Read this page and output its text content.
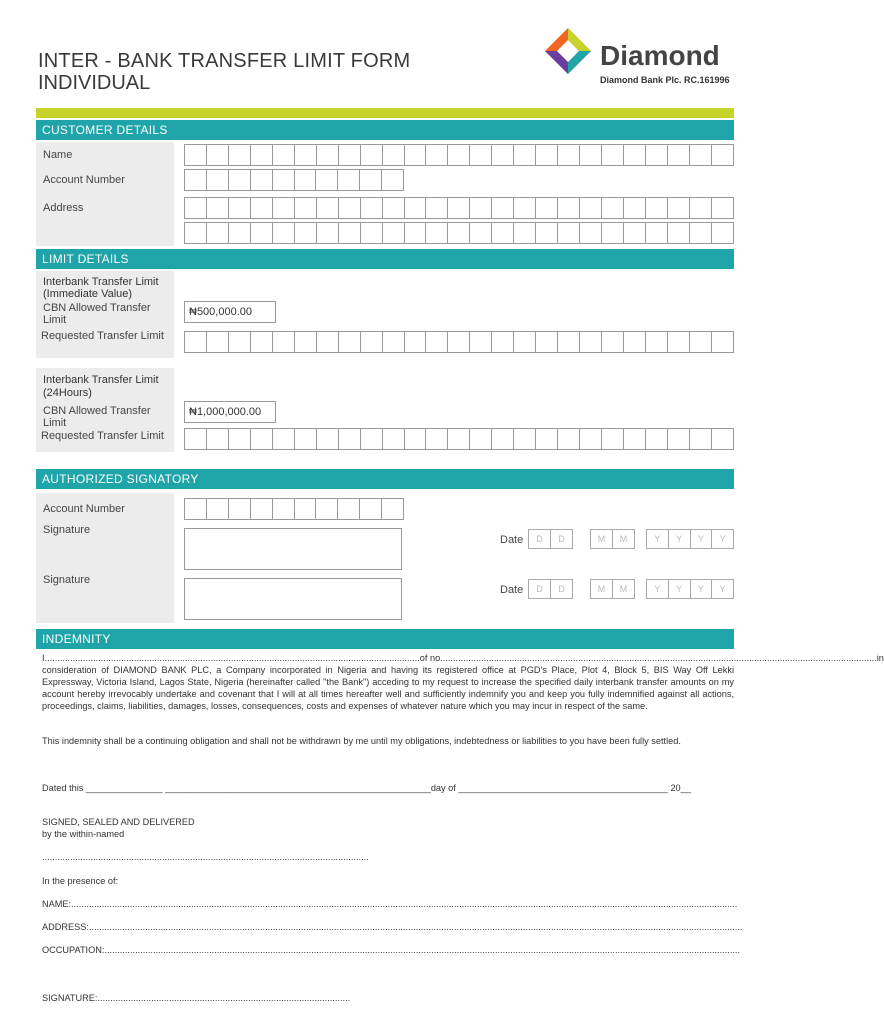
INTER - BANK TRANSFER LIMIT FORM
INDIVIDUAL
Diamond
Diamond Bank Plc. RC.161996
CUSTOMER DETAILS
Name
Account Number
Address
LIMIT DETAILS
Interbank Transfer Limit (Immediate Value)
CBN Allowed Transfer Limit
₦500,000.00
Requested Transfer Limit
Interbank Transfer Limit (24Hours)
CBN Allowed Transfer Limit
₦1,000,000.00
Requested Transfer Limit
AUTHORIZED SIGNATORY
Account Number
Signature
Date	D	D	M	M	Y	Y	Y	Y
Signature
Date	D	D	M	M	Y	Y	Y	Y
INDEMNITY
I...................................................................................................................................................of no...........................................................................................................................................................................in
consideration of DIAMOND BANK PLC, a Company incorporated in Nigeria and having its registered office at PGD's Place, Plot 4, Block 5, BIS Way Off Lekki Expressway, Victoria Island, Lagos State, Nigeria (hereinafter called "the Bank") acceding to my request to increase the specified daily interbank transfer amounts on my account hereby irrevocably undertake and covenant that I will at all times hereafter well and sufficiently indemnify you and keep you fully indemnified against all actions, proceedings, claims, liabilities, damages, losses, consequences, costs and expenses of whatever nature which you may incur in respect of the same.
This indemnity shall be a continuing obligation and shall not be withdrawn by me until my obligations, indebtedness or liabilities to you have been fully settled.
Dated this _______________ ____________________________________________________day of _________________________________________ 20__
SIGNED, SEALED AND DELIVERED
by the within-named
................................................................................................................................
In the presence of:
NAME:.....................................................................................................................................................................................................................................................................
ADDRESS:................................................................................................................................................................................................................................................................
OCCUPATION:.........................................................................................................................................................................................................................................................
SIGNATURE:...................................................................................................
